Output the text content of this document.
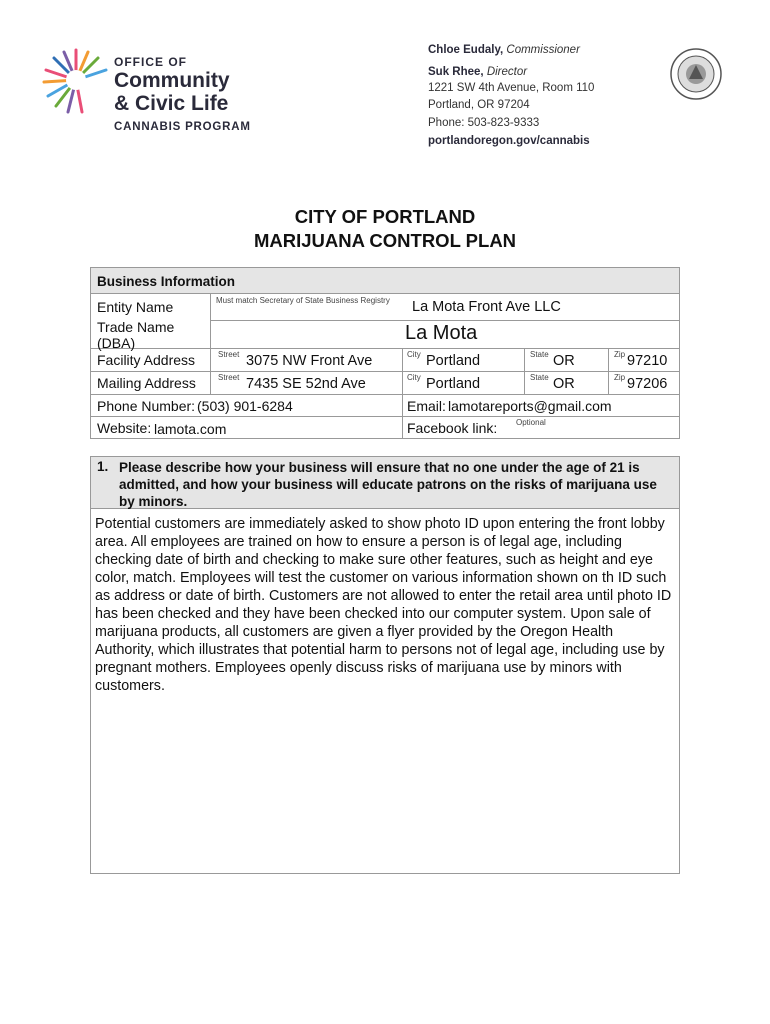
OFFICE OF
Community
& Civic Life
CANNABIS PROGRAM
Chloe Eudaly, Commissioner
Suk Rhee, Director
1221 SW 4th Avenue, Room 110
Portland, OR 97204
Phone: 503-823-9333
portlandoregon.gov/cannabis
CITY OF PORTLAND
MARIJUANA CONTROL PLAN
Business Information
Entity Name	Must match Secretary of State Business Registry La Mota Front Ave LLC
Trade Name
(DBA)	La Mota
Facility Address	Street 3075 NW Front Ave	City Portland	State OR	Zip 97210
Mailing Address	Street 7435 SE 52nd Ave	City Portland	State OR	Zip 97206
Phone Number: (503) 901-6284	Email: lamotareports@gmail.com
Website: lamota.com	Facebook link: Optional
1. Please describe how your business will ensure that no one under the age of 21 is admitted, and how your business will educate patrons on the risks of marijuana use by minors.
Potential customers are immediately asked to show photo ID upon entering the front lobby area. All employees are trained on how to ensure a person is of legal age, including checking date of birth and checking to make sure other features, such as height and eye color, match. Employees will test the customer on various information shown on th ID such as address or date of birth. Customers are not allowed to enter the retail area until photo ID has been checked and they have been checked into our computer system. Upon sale of marijuana products, all customers are given a flyer provided by the Oregon Health Authority, which illustrates that potential harm to persons not of legal age, including use by pregnant mothers. Employees openly discuss risks of marijuana use by minors with customers.
